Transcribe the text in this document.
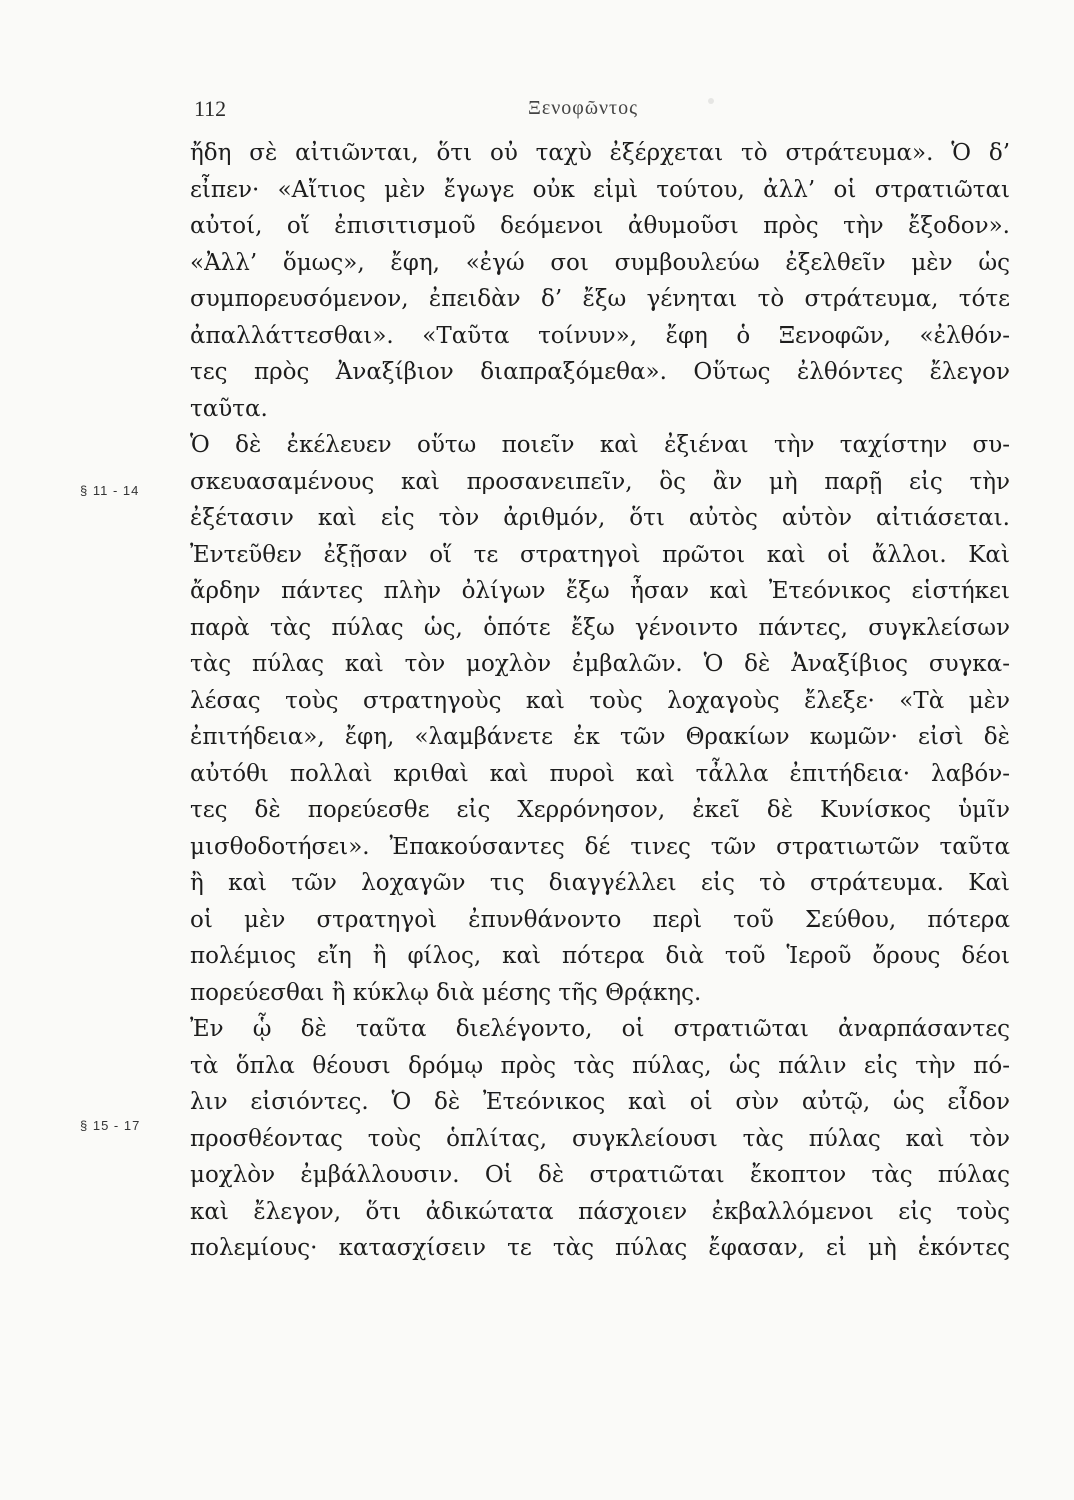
112	Ξενοφῶντος
§ 11 - 14
§ 15 - 17
ἤδη σὲ αἰτιῶνται, ὅτι οὐ ταχὺ ἐξέρχεται τὸ στράτευμα». Ὁ δ’
εἶπεν· «Αἴτιος μὲν ἔγωγε οὐκ εἰμὶ τούτου, ἀλλ’ οἱ στρατιῶται
αὐτοί, οἵ ἐπισιτισμοῦ δεόμενοι ἀθυμοῦσι πρὸς τὴν ἔξοδον».
«Ἀλλ’ ὅμως», ἔφη, «ἐγώ σοι συμβουλεύω ἐξελθεῖν μὲν ὡς
συμπορευσόμενον, ἐπειδὰν δ’ ἔξω γένηται τὸ στράτευμα, τότε
ἀπαλλάττεσθαι». «Ταῦτα τοίνυν», ἔφη ὁ Ξενοφῶν, «ἐλθόν-
τες πρὸς Ἀναξίβιον διαπραξόμεθα». Οὕτως ἐλθόντες ἔλεγον
ταῦτα.
Ὁ δὲ ἐκέλευεν οὕτω ποιεῖν καὶ ἐξιέναι τὴν ταχίστην συ-
σκευασαμένους καὶ προσανειπεῖν, ὃς ἂν μὴ παρῇ εἰς τὴν
ἐξέτασιν καὶ εἰς τὸν ἀριθμόν, ὅτι αὐτὸς αὑτὸν αἰτιάσεται.
Ἐντεῦθεν ἐξῇσαν οἵ τε στρατηγοὶ πρῶτοι καὶ οἱ ἄλλοι. Καὶ
ἄρδην πάντες πλὴν ὀλίγων ἔξω ἦσαν καὶ Ἐτεόνικος εἱστήκει
παρὰ τὰς πύλας ὡς, ὁπότε ἔξω γένοιντο πάντες, συγκλείσων
τὰς πύλας καὶ τὸν μοχλὸν ἐμβαλῶν. Ὁ δὲ Ἀναξίβιος συγκα-
λέσας τοὺς στρατηγοὺς καὶ τοὺς λοχαγοὺς ἔλεξε· «Τὰ μὲν
ἐπιτήδεια», ἔφη, «λαμβάνετε ἐκ τῶν Θρακίων κωμῶν· εἰσὶ δὲ
αὐτόθι πολλαὶ κριθαὶ καὶ πυροὶ καὶ τἆλλα ἐπιτήδεια· λαβόν-
τες δὲ πορεύεσθε εἰς Χερρόνησον, ἐκεῖ δὲ Κυνίσκος ὑμῖν
μισθοδοτήσει». Ἐπακούσαντες δέ τινες τῶν στρατιωτῶν ταῦτα
ἢ καὶ τῶν λοχαγῶν τις διαγγέλλει εἰς τὸ στράτευμα. Καὶ
οἱ μὲν στρατηγοὶ ἐπυνθάνοντο περὶ τοῦ Σεύθου, πότερα
πολέμιος εἴη ἢ φίλος, καὶ πότερα διὰ τοῦ Ἱεροῦ ὄρους δέοι
πορεύεσθαι ἢ κύκλῳ διὰ μέσης τῆς Θρᾴκης.
Ἐν ᾧ δὲ ταῦτα διελέγοντο, οἱ στρατιῶται ἀναρπάσαντες
τὰ ὅπλα θέουσι δρόμῳ πρὸς τὰς πύλας, ὡς πάλιν εἰς τὴν πό-
λιν εἰσιόντες. Ὁ δὲ Ἐτεόνικος καὶ οἱ σὺν αὐτῷ, ὡς εἶδον
προσθέοντας τοὺς ὁπλίτας, συγκλείουσι τὰς πύλας καὶ τὸν
μοχλὸν ἐμβάλλουσιν. Οἱ δὲ στρατιῶται ἔκοπτον τὰς πύλας
καὶ ἔλεγον, ὅτι ἀδικώτατα πάσχοιεν ἐκβαλλόμενοι εἰς τοὺς
πολεμίους· κατασχίσειν τε τὰς πύλας ἔφασαν, εἰ μὴ ἑκόντες
